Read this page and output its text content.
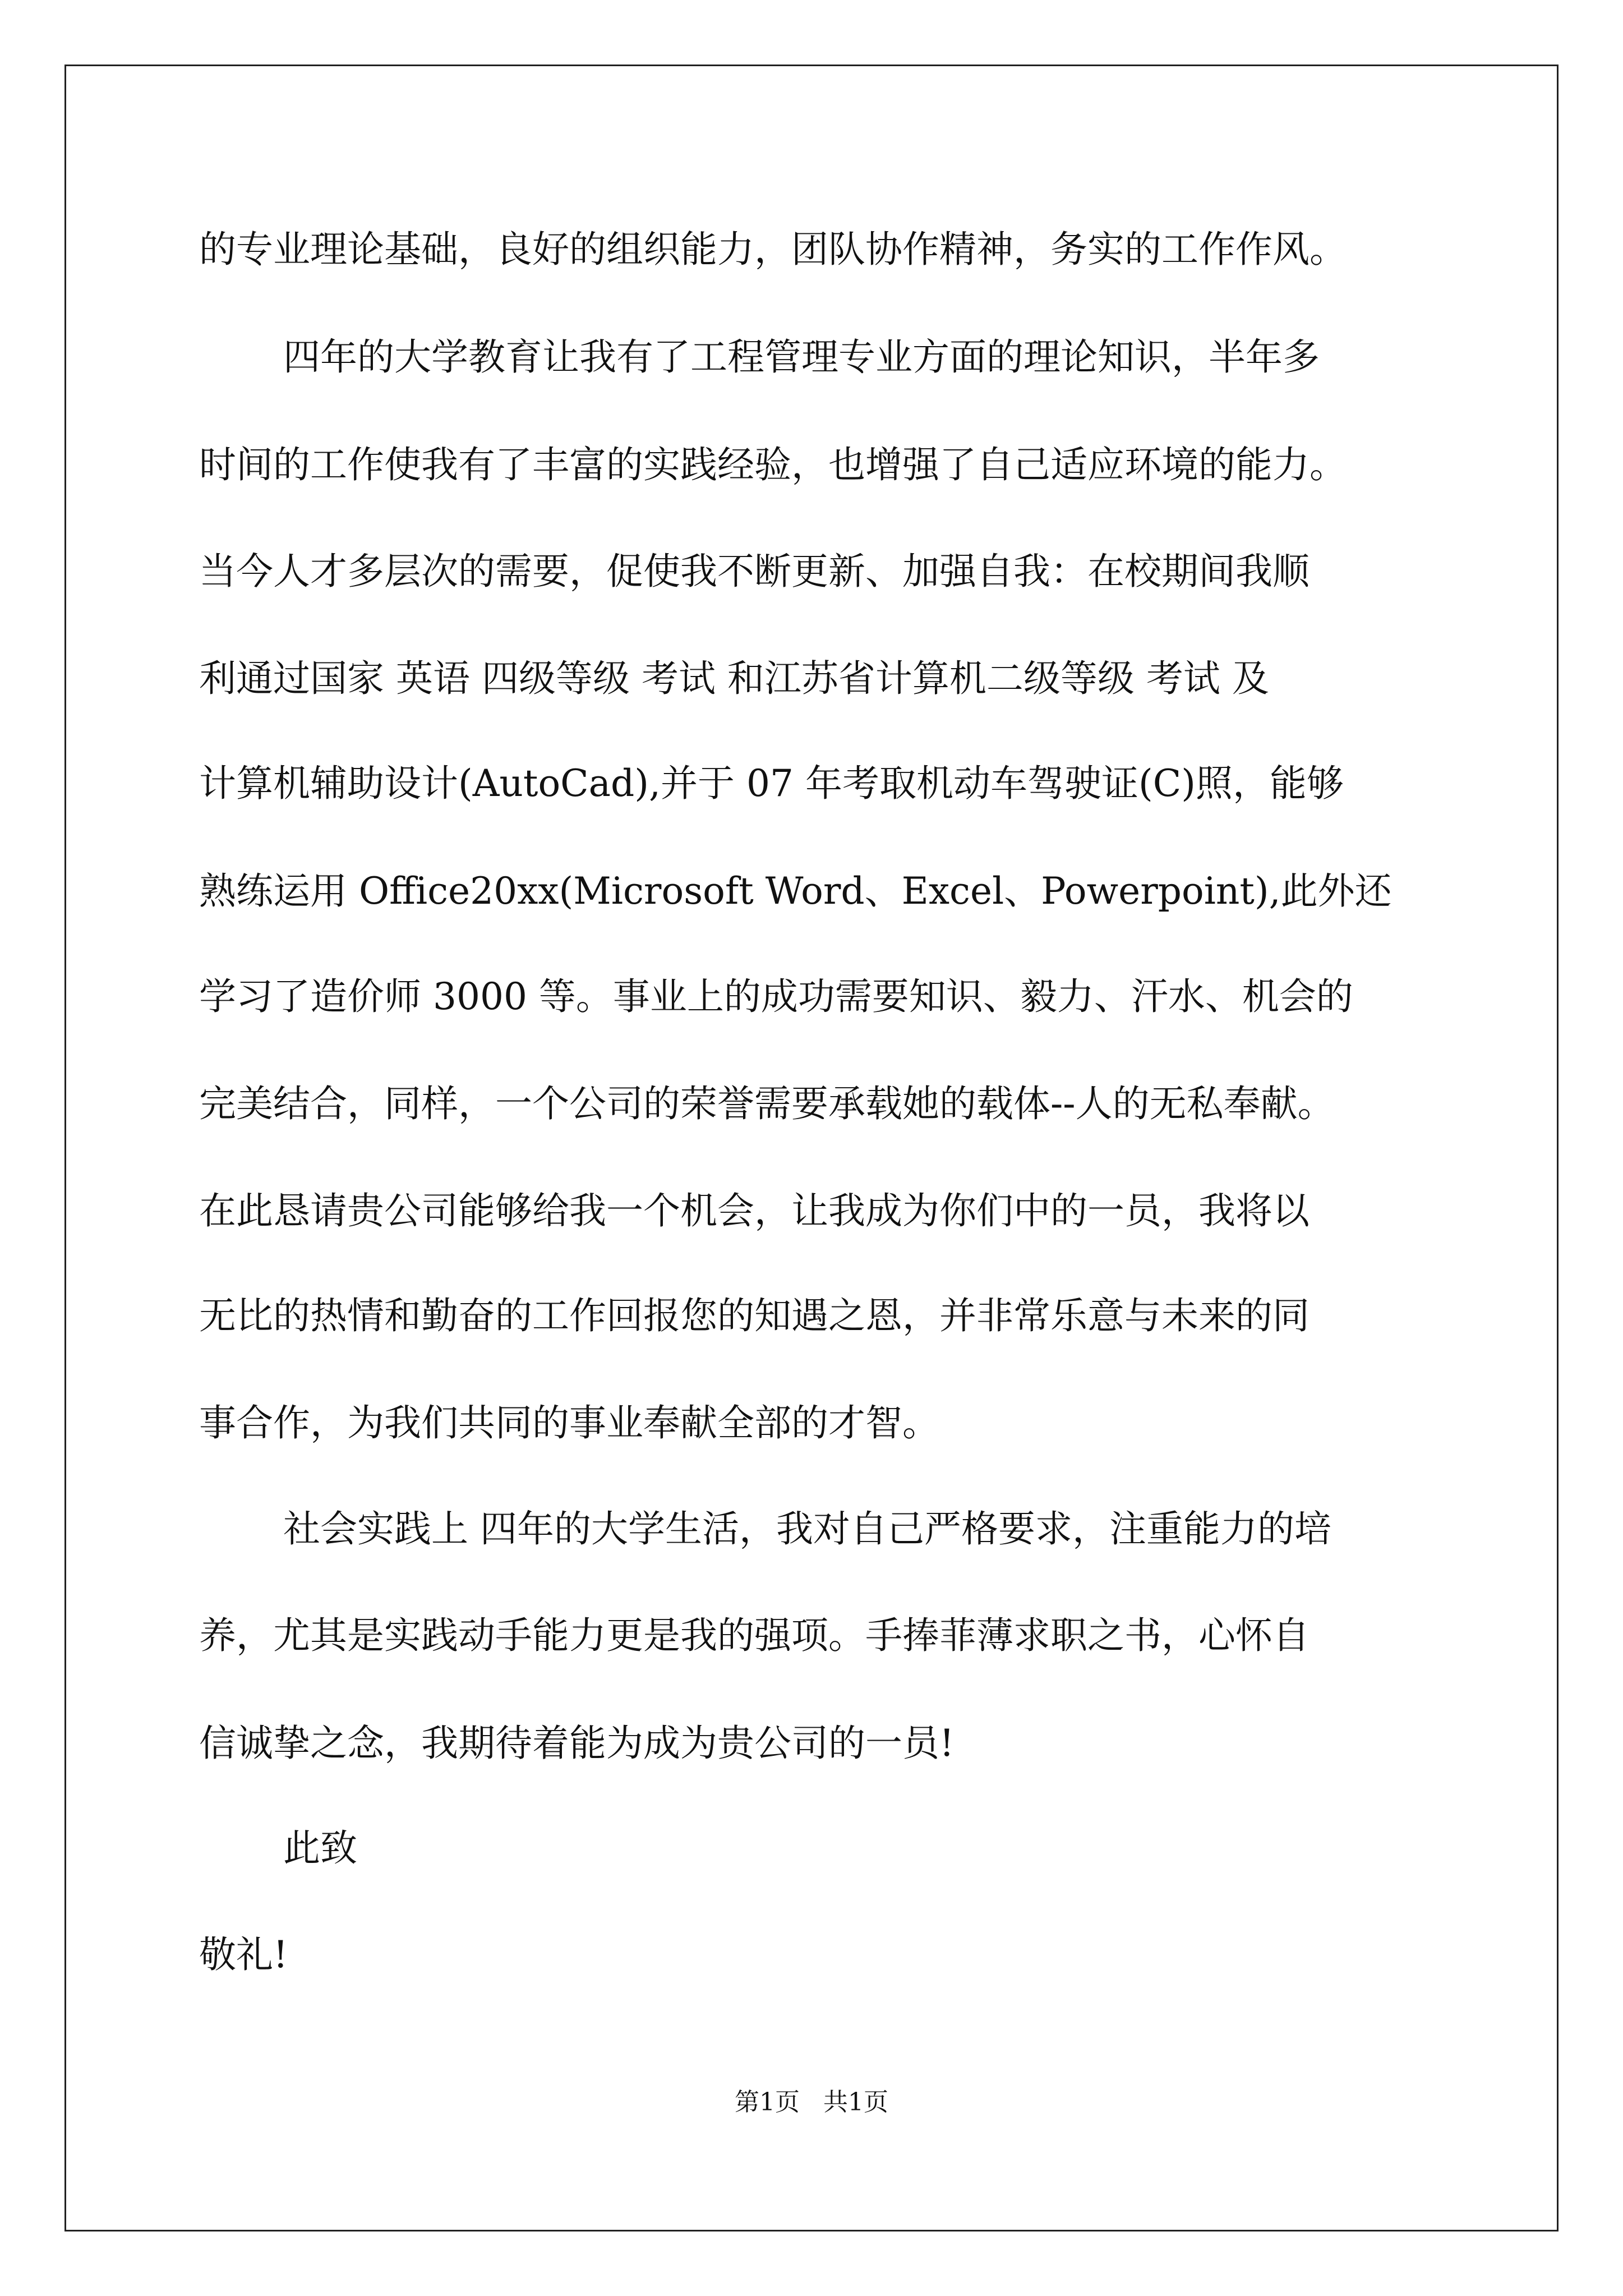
的专业理论基础，良好的组织能力，团队协作精神，务实的工作作风。
四年的大学教育让我有了工程管理专业方面的理论知识，半年多
时间的工作使我有了丰富的实践经验，也增强了自己适应环境的能力。
当今人才多层次的需要，促使我不断更新、加强自我：在校期间我顺
利通过国家 英语 四级等级 考试 和江苏省计算机二级等级 考试 及
计算机辅助设计(AutoCad),并于 07 年考取机动车驾驶证(C)照，能够
熟练运用 Office20xx(Microsoft Word、Excel、Powerpoint),此外还
学习了造价师 3000 等。事业上的成功需要知识、毅力、汗水、机会的
完美结合，同样，一个公司的荣誉需要承载她的载体--人的无私奉献。
在此恳请贵公司能够给我一个机会，让我成为你们中的一员，我将以
无比的热情和勤奋的工作回报您的知遇之恩，并非常乐意与未来的同
事合作，为我们共同的事业奉献全部的才智。
社会实践上 四年的大学生活，我对自己严格要求，注重能力的培
养，尤其是实践动手能力更是我的强项。手捧菲薄求职之书，心怀自
信诚挚之念，我期待着能为成为贵公司的一员!
此致
敬礼!
第1页   共1页
